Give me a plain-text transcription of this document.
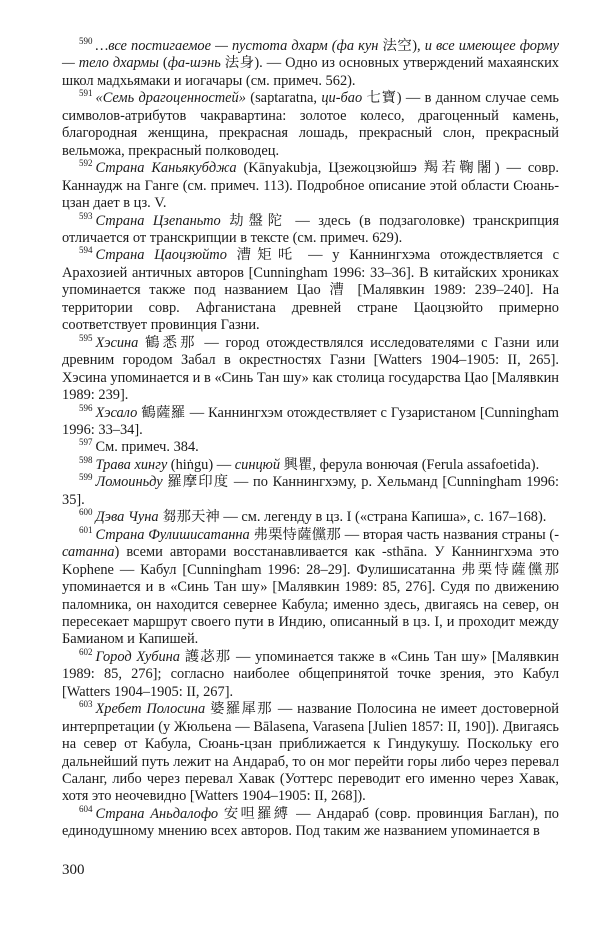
$^{590}$ …все постигаемое — пустота дхарм (фа кун 法空), и все имеющее форму — тело дхармы (фа-шэнь 法身). — Одно из основных утверждений махаянских школ мадхьямаки и иогачары (см. примеч. 562).

$^{591}$ «Семь драгоценностей» (saptaratna, ци-бао 七寶) — в данном случае семь символов-атрибутов чакравартина: золотое колесо, драгоценный камень, благородная женщина, прекрасная лошадь, прекрасный слон, прекрасный вельможа, прекрасный полководец.

$^{592}$ Страна Каньякубджа (Kānyakubja, Цзежоцзюйшэ 羯若鞠闍) — совр. Каннаудж на Ганге (см. примеч. 113). Подробное описание этой области Сюань-цзан дает в цз. V.

$^{593}$ Страна Цзепаньто 劫盤陀 — здесь (в подзаголовке) транскрипция отличается от транскрипции в тексте (см. примеч. 629).

$^{594}$ Страна Цаоцзюйто 漕矩吒 — у Каннингхэма отождествляется с Арахозией античных авторов [Cunningham 1996: 33–36]. В китайских хрониках упоминается также под названием Цао 漕 [Малявкин 1989: 239–240]. На территории совр. Афганистана древней стране Цаоцзюйто примерно соответствует провинция Газни.

$^{595}$ Хэсина 鶴悉那 — город отождествлялся исследователями с Газни или древним городом Забал в окрестностях Газни [Watters 1904–1905: II, 265]. Хэсина упоминается и в «Синь Тан шу» как столица государства Цао [Малявкин 1989: 239].

$^{596}$ Хэсало 鶴薩羅 — Каннингхэм отождествляет с Гузаристаном [Cunningham 1996: 33–34].

$^{597}$ См. примеч. 384.

$^{598}$ Трава хингу (hiṅgu) — синцюй 興瞿, ферула вонючая (Ferula assafoetida).

$^{599}$ Ломоиньду 羅摩印度 — по Каннингхэму, р. Хельманд [Cunningham 1996: 35].

$^{600}$ Дэва Чуна 芻那天神 — см. легенду в цз. I («страна Капиша», с. 167–168).

$^{601}$ Страна Фулишисатанна 弗栗恃薩儻那 — вторая часть названия страны (-сатанна) всеми авторами восстанавливается как -sthāna. У Каннингхэма это Kophene — Кабул [Cunningham 1996: 28–29]. Фулишисатанна 弗栗恃薩儻那 упоминается и в «Синь Тан шу» [Малявкин 1989: 85, 276]. Судя по движению паломника, он находится севернее Кабула; именно здесь, двигаясь на север, он пересекает маршрут своего пути в Индию, описанный в цз. I, и проходит между Бамианом и Капишей.

$^{602}$ Город Хубина 護苾那 — упоминается также в «Синь Тан шу» [Малявкин 1989: 85, 276]; согласно наиболее общепринятой точке зрения, это Кабул [Watters 1904–1905: II, 267].

$^{603}$ Хребет Полосина 婆羅犀那 — название Полосина не имеет достоверной интерпретации (у Жюльена — Bālasena, Varasena [Julien 1857: II, 190]). Двигаясь на север от Кабула, Сюань-цзан приближается к Гиндукушу. Поскольку его дальнейший путь лежит на Андараб, то он мог перейти горы либо через перевал Саланг, либо через перевал Хавак (Уоттерс переводит его именно через Хавак, хотя это неочевидно [Watters 1904–1905: II, 268]).

$^{604}$ Страна Аньдалофо 安呾羅縛 — Андараб (совр. провинция Баглан), по единодушному мнению всех авторов. Под таким же названием упоминается в

300
